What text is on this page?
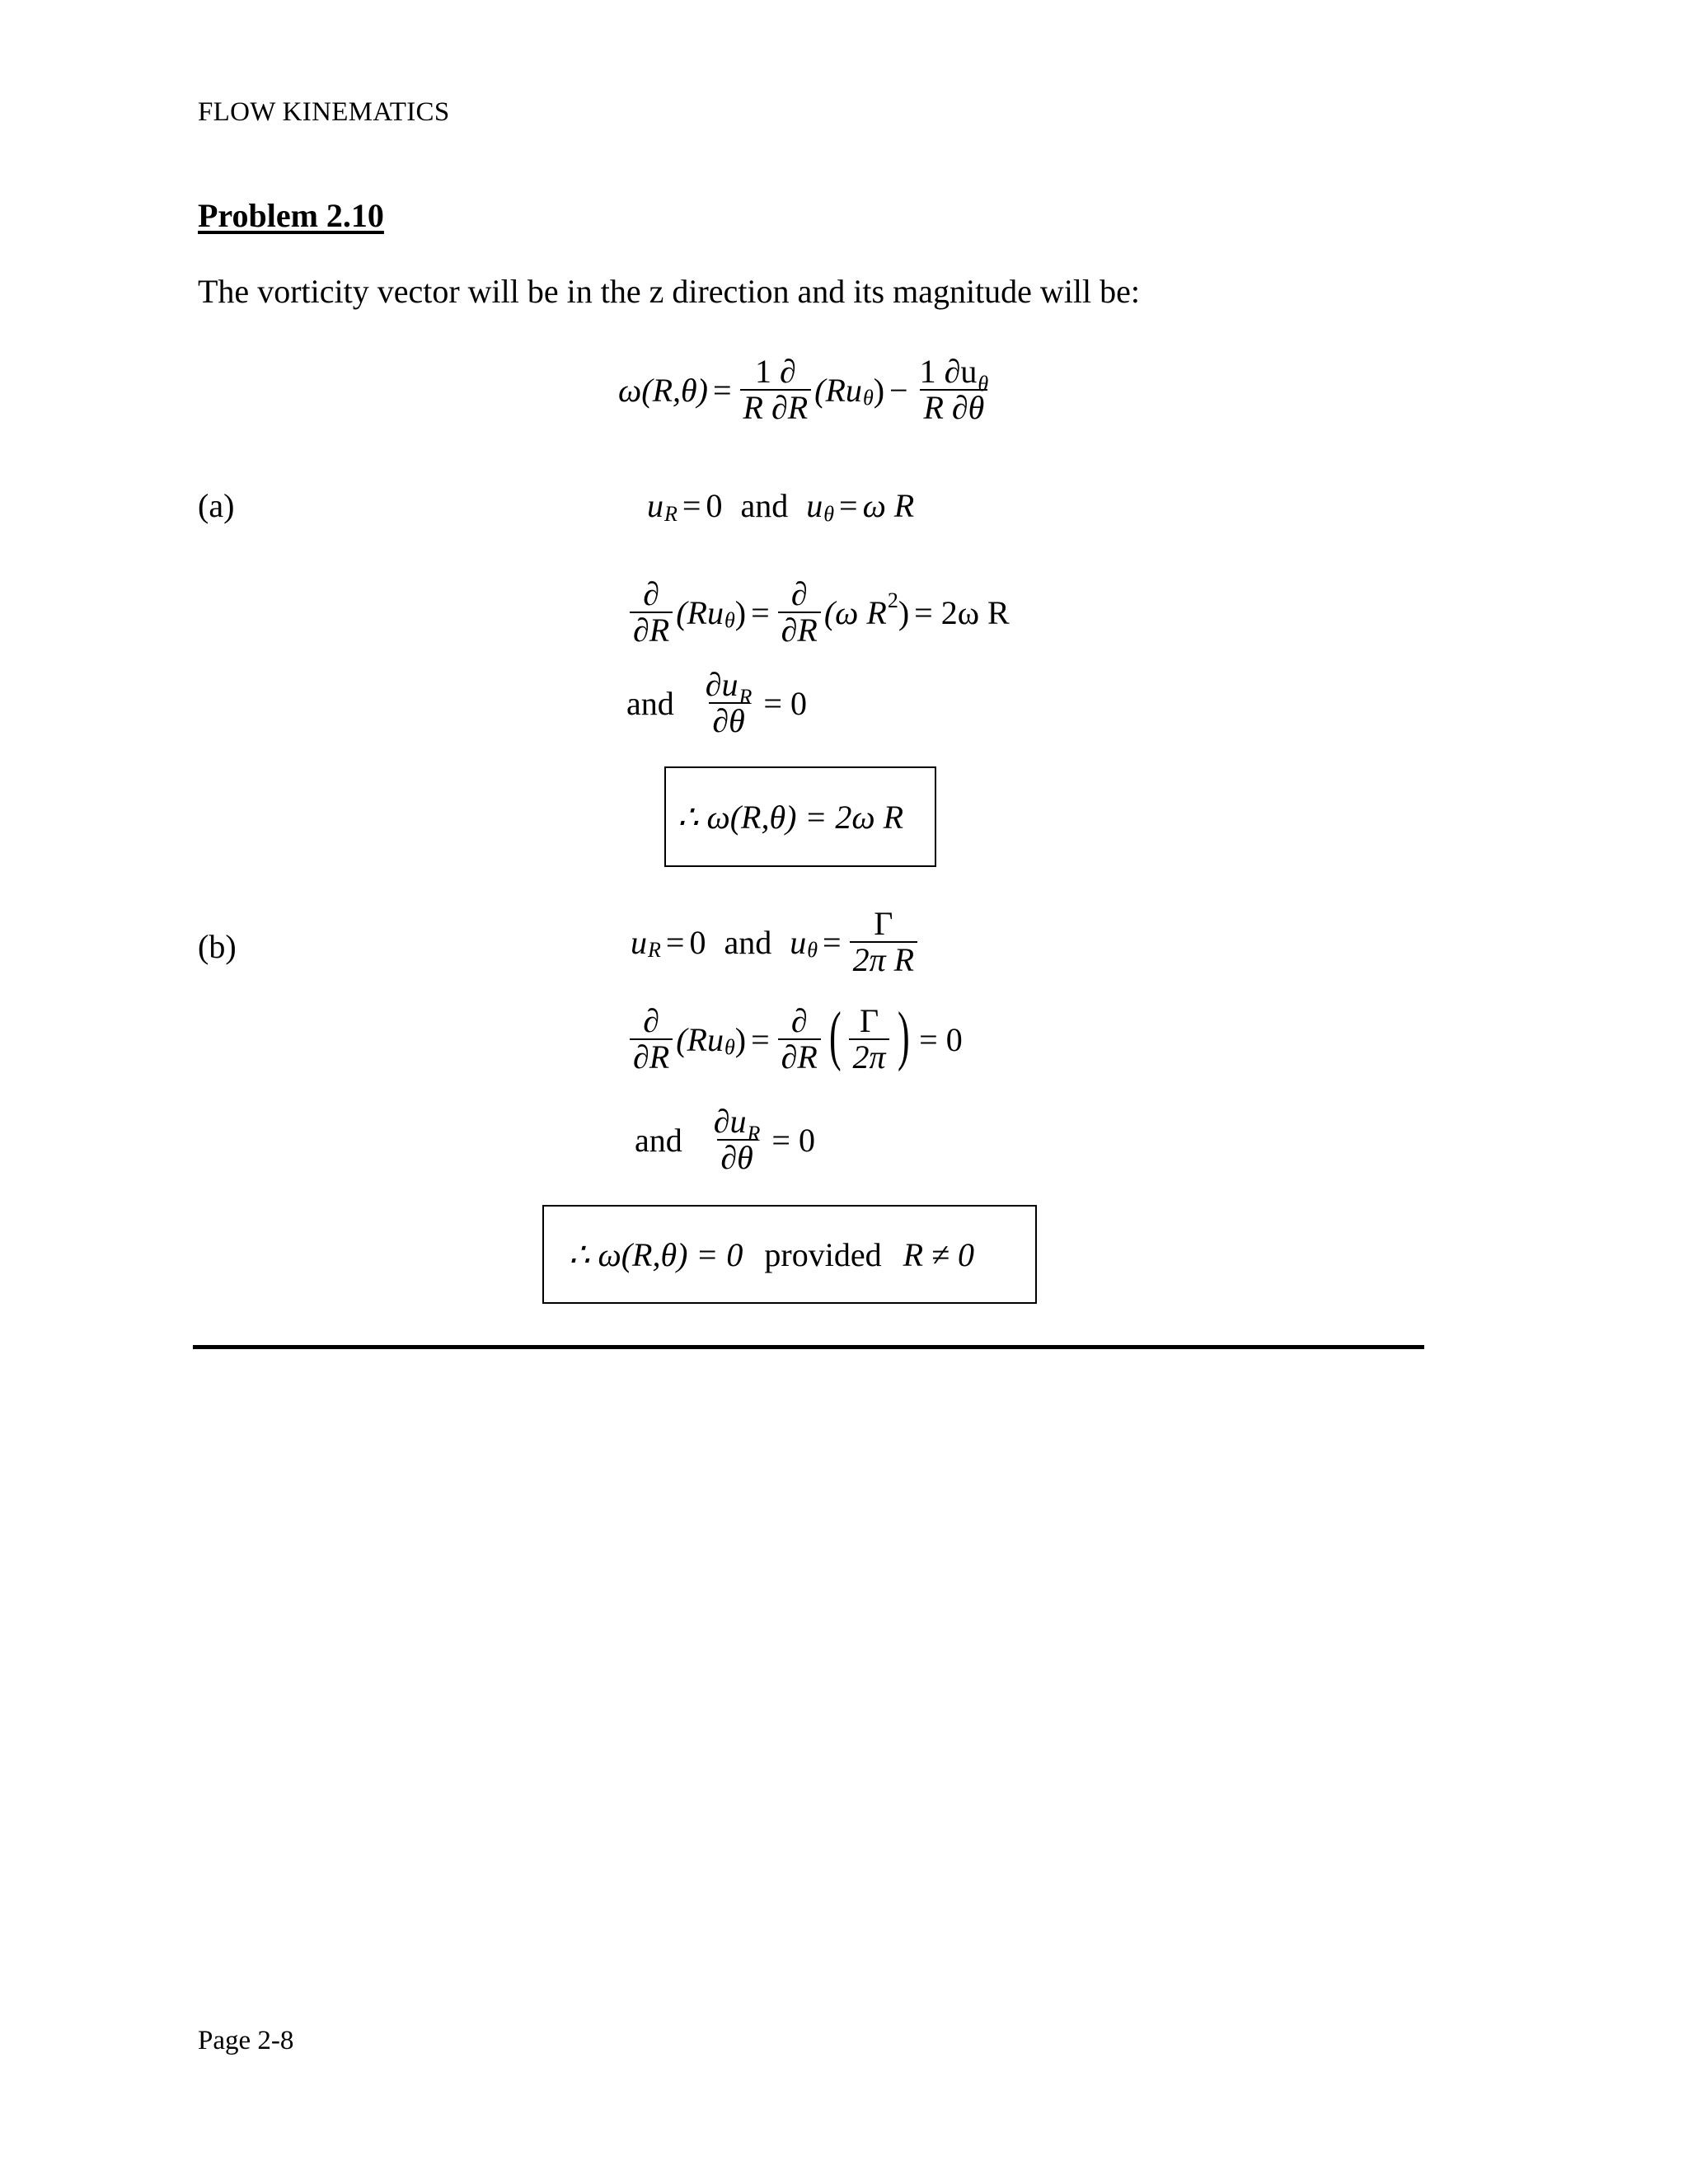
FLOW KINEMATICS
Problem 2.10
The vorticity vector will be in the z direction and its magnitude will be:
$\omega(R,\theta) = \frac{1 \partial}{R \partial R} (Ru$ θ ) − $\frac{1 \partial u_\theta}{R \partial\theta}$
(a)	u R = 0 and u θ = ω R
$\frac{\partial}{\partial R} (Ru$ θ ) = $\frac{\partial}{\partial R} (\omega$ R 2 ) = 2ω R
and $\frac{\partial u_R}{\partial\theta} = 0$
∴ ω(R,θ) = 2ω R
(b)	u R = 0 and u $\theta = \frac{\Gamma}{\text{2π R}}$
$\frac{\partial}{\partial R} (Ru$ θ ) = $\frac{\partial}{\partial R}$ ( $\frac{\Gamma}{2\pi}$ ) = 0
and $\frac{\partial u_R}{\partial\theta} = 0$
∴ ω(R,θ) = 0 provided R ≠ 0
Page 2-8
